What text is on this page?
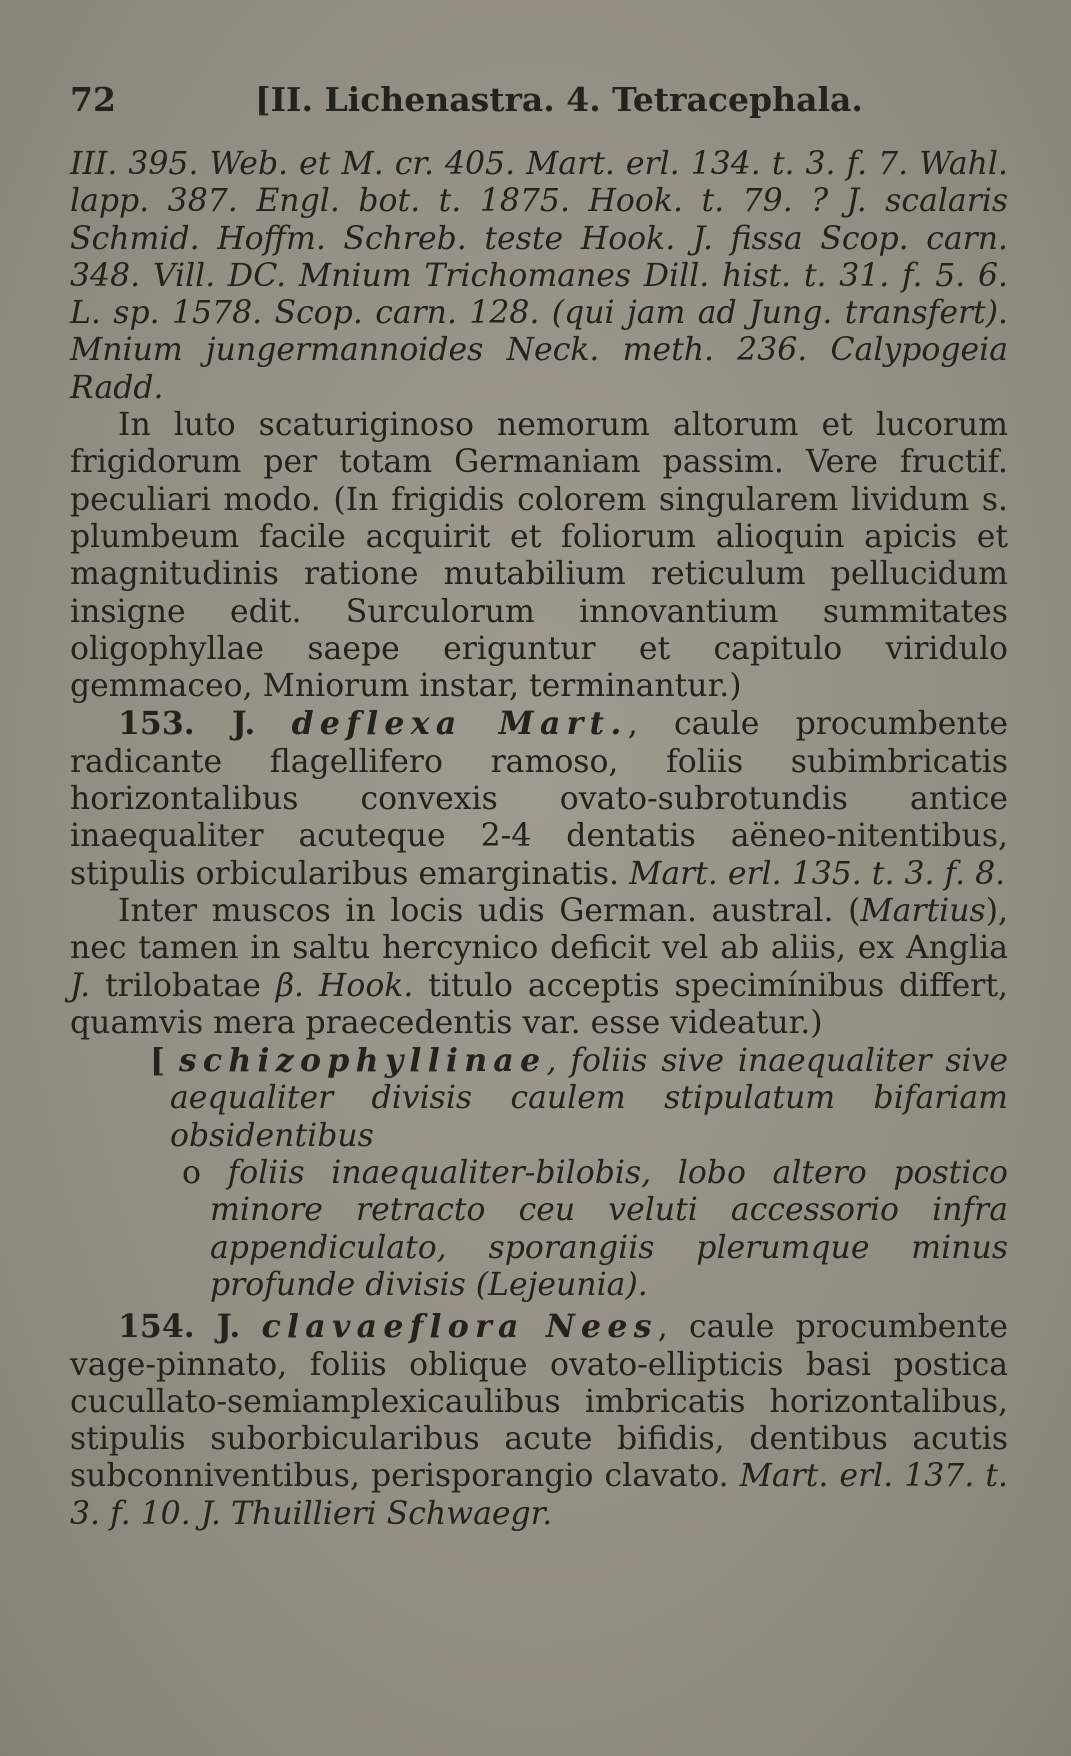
72	[II. Lichenastra. 4. Tetracephala.

III. 395. Web. et M. cr. 405. Mart. erl. 134. t. 3. f. 7. Wahl. lapp. 387. Engl. bot. t. 1875. Hook. t. 79. ? J. scalaris Schmid. Hoffm. Schreb. teste Hook. J. fissa Scop. carn. 348. Vill. DC. Mnium Trichomanes Dill. hist. t. 31. f. 5. 6. L. sp. 1578. Scop. carn. 128. (qui jam ad Jung. transfert). Mnium jungermannoides Neck. meth. 236. Calypogeia Radd.

In luto scaturiginoso nemorum altorum et lucorum frigidorum per totam Germaniam passim. Vere fructif. peculiari modo. (In frigidis colorem singularem lividum s. plumbeum facile acquirit et foliorum alioquin apicis et magnitudinis ratione mutabilium reticulum pellucidum insigne edit. Surculorum innovantium summitates oligophyllae saepe eriguntur et capitulo viridulo gemmaceo, Mniorum instar, terminantur.)

153. J. deflexa Mart., caule procumbente radicante flagellifero ramoso, foliis subimbricatis horizontalibus convexis ovato-subrotundis antice inaequaliter acuteque 2-4 dentatis aëneo-nitentibus, stipulis orbicularibus emarginatis. Mart. erl. 135. t. 3. f. 8.

Inter muscos in locis udis German. austral. (Martius), nec tamen in saltu hercynico deficit vel ab aliis, ex Anglia J. trilobatae β. Hook. titulo acceptis specimínibus differt, quamvis mera praecedentis var. esse videatur.)

[ schizophyllinae, foliis sive inaequaliter sive aequaliter divisis caulem stipulatum bifariam obsidentibus

o foliis inaequaliter-bilobis, lobo altero postico minore retracto ceu veluti accessorio infra appendiculato, sporangiis plerumque minus profunde divisis (Lejeunia).

154. J. clavaeflora Nees, caule procumbente vage-pinnato, foliis oblique ovato-ellipticis basi postica cucullato-semiamplexicaulibus imbricatis horizontalibus, stipulis suborbicularibus acute bifidis, dentibus acutis subconniventibus, perisporangio clavato. Mart. erl. 137. t. 3. f. 10. J. Thuillieri Schwaegr.
